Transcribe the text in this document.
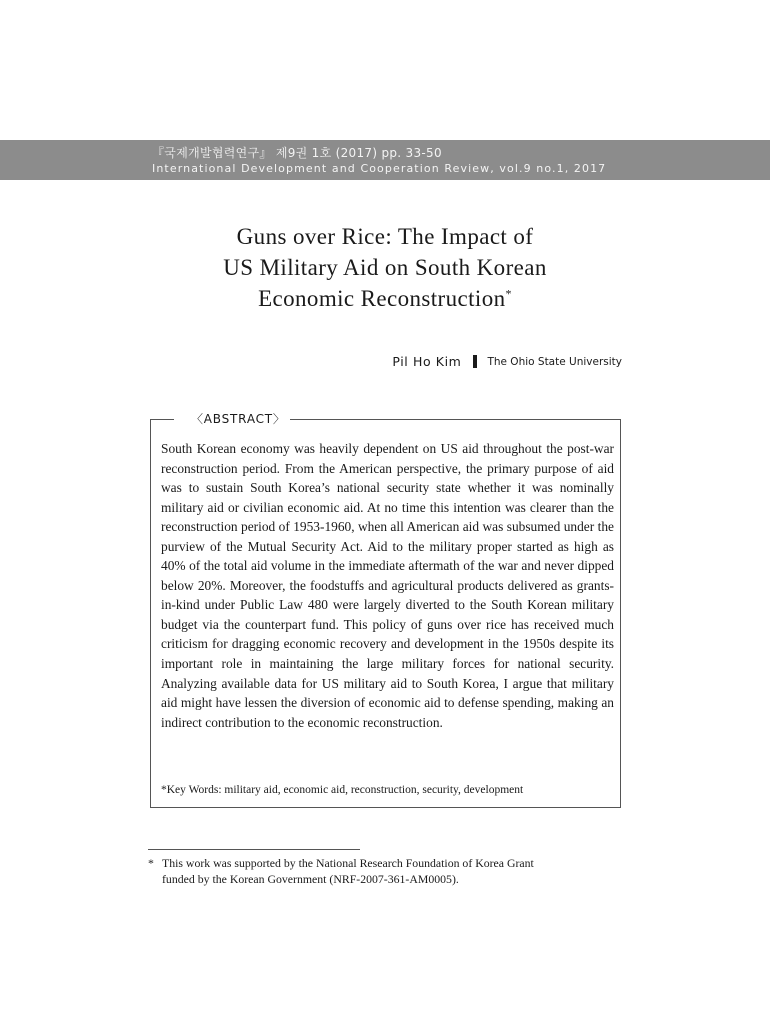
『국제개발협력연구』 제9권 1호 (2017) pp. 33-50
International Development and Cooperation Review, vol.9 no.1, 2017
Guns over Rice: The Impact of
US Military Aid on South Korean
Economic Reconstruction*
Pil Ho Kim The Ohio State University
〈ABSTRACT〉
South Korean economy was heavily dependent on US aid throughout the post-war reconstruction period. From the American perspective, the primary purpose of aid was to sustain South Korea’s national security state whether it was nominally military aid or civilian economic aid. At no time this intention was clearer than the reconstruction period of 1953-1960, when all American aid was subsumed under the purview of the Mutual Security Act. Aid to the military proper started as high as 40% of the total aid volume in the immediate aftermath of the war and never dipped below 20%. Moreover, the foodstuffs and agricultural products delivered as grants-in-kind under Public Law 480 were largely diverted to the South Korean military budget via the counterpart fund. This policy of guns over rice has received much criticism for dragging economic recovery and development in the 1950s despite its important role in maintaining the large military forces for national security. Analyzing available data for US military aid to South Korea, I argue that military aid might have lessen the diversion of economic aid to defense spending, making an indirect contribution to the economic reconstruction.
*Key Words: military aid, economic aid, reconstruction, security, development
* This work was supported by the National Research Foundation of Korea Grant
funded by the Korean Government (NRF-2007-361-AM0005).
